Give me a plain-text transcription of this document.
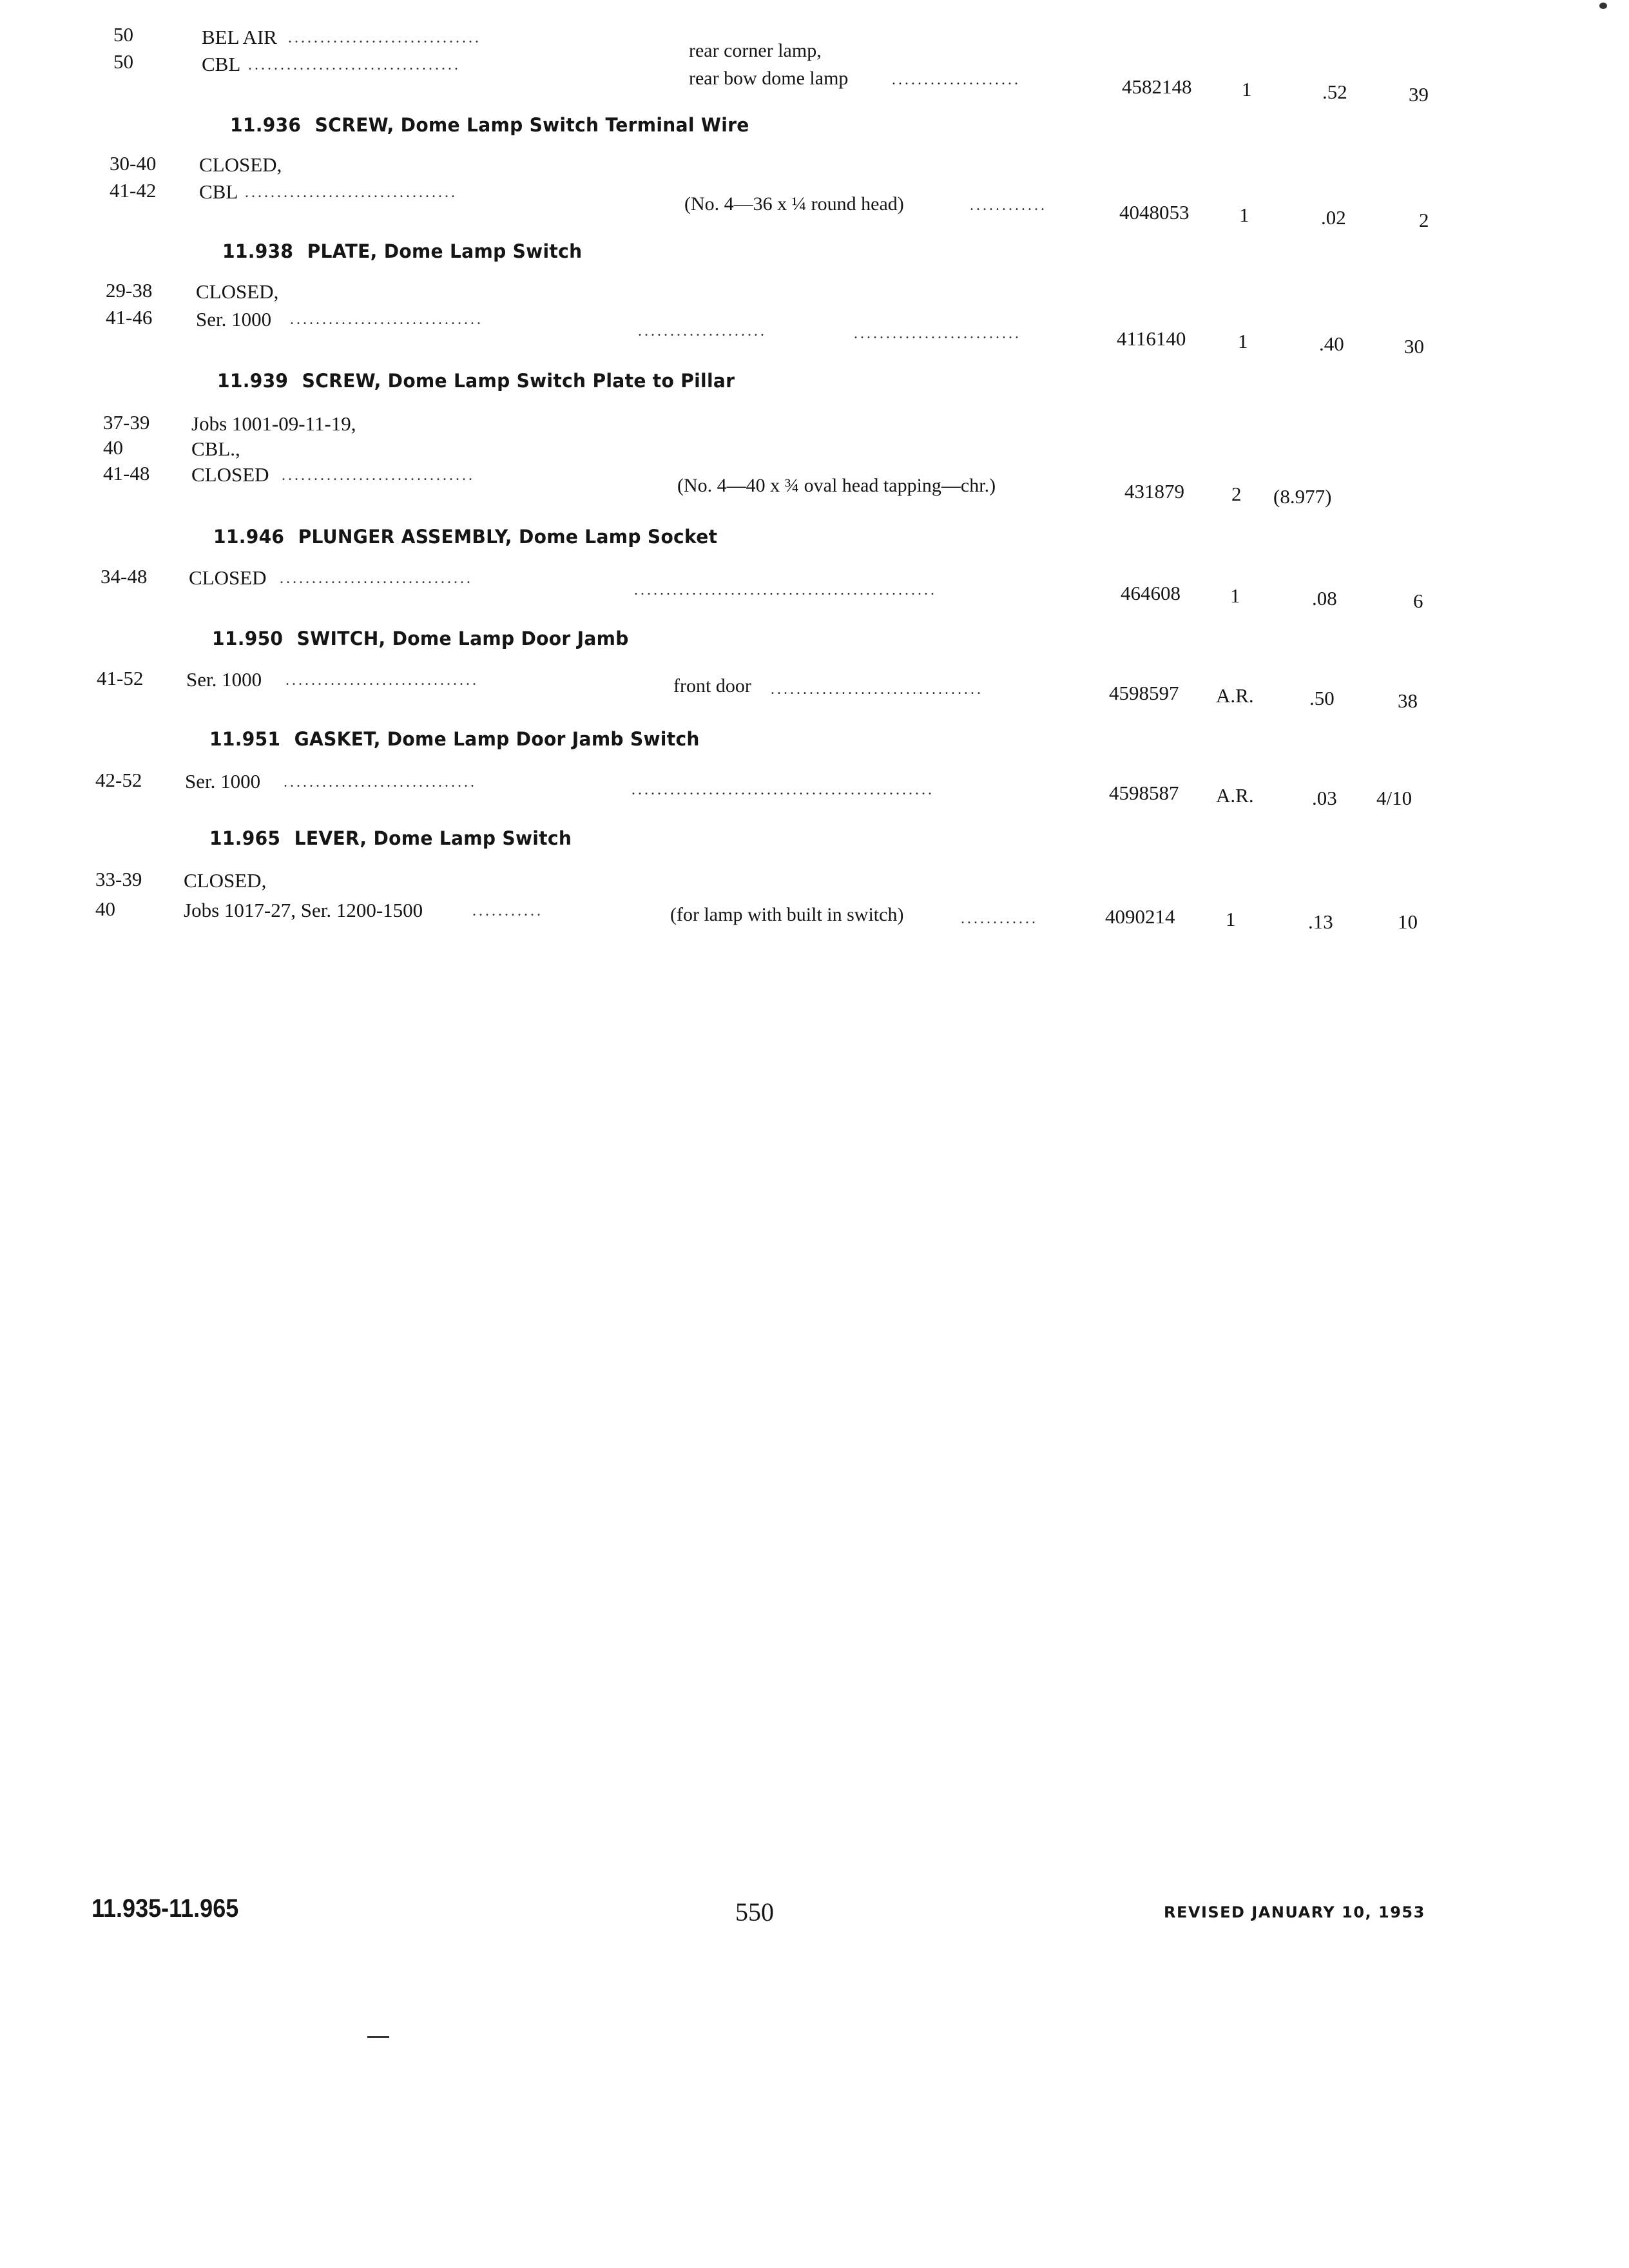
50	BEL AIR ..............................
50	CBL .................................
rear corner lamp,
rear bow dome lamp	....................	4582148	1	.52	39
11.936 SCREW, Dome Lamp Switch Terminal Wire
30-40 CLOSED,
41-42 CBL .................................
(No. 4—36 x ¼ round head)	............	4048053	1	.02	2
11.938 PLATE, Dome Lamp Switch
29-38 CLOSED,
41-46 Ser. 1000 ..............................
....................	..........................	4116140	1	.40	30
11.939 SCREW, Dome Lamp Switch Plate to Pillar
37-39 Jobs 1001-09-11-19,
40	CBL.,
41-48 CLOSED ..............................	(No. 4—40 x ¾ oval head tapping—chr.)	431879 2 (8.977)
11.946 PLUNGER ASSEMBLY, Dome Lamp Socket
34-48 CLOSED ..............................
...............................................	464608 1	.08	6
11.950 SWITCH, Dome Lamp Door Jamb
41-52 Ser. 1000 ..............................	front door .................................	4598597 A.R.	.50	38
11.951 GASKET, Dome Lamp Door Jamb Switch
42-52 Ser. 1000 ..............................	...............................................	4598587 A.R.	.03 4/10
11.965 LEVER, Dome Lamp Switch
33-39 CLOSED,
40	Jobs 1017-27, Ser. 1200-1500	...........	(for lamp with built in switch)	............	4090214	1	.13	10
11.935-11.965	550	REVISED JANUARY 10, 1953
